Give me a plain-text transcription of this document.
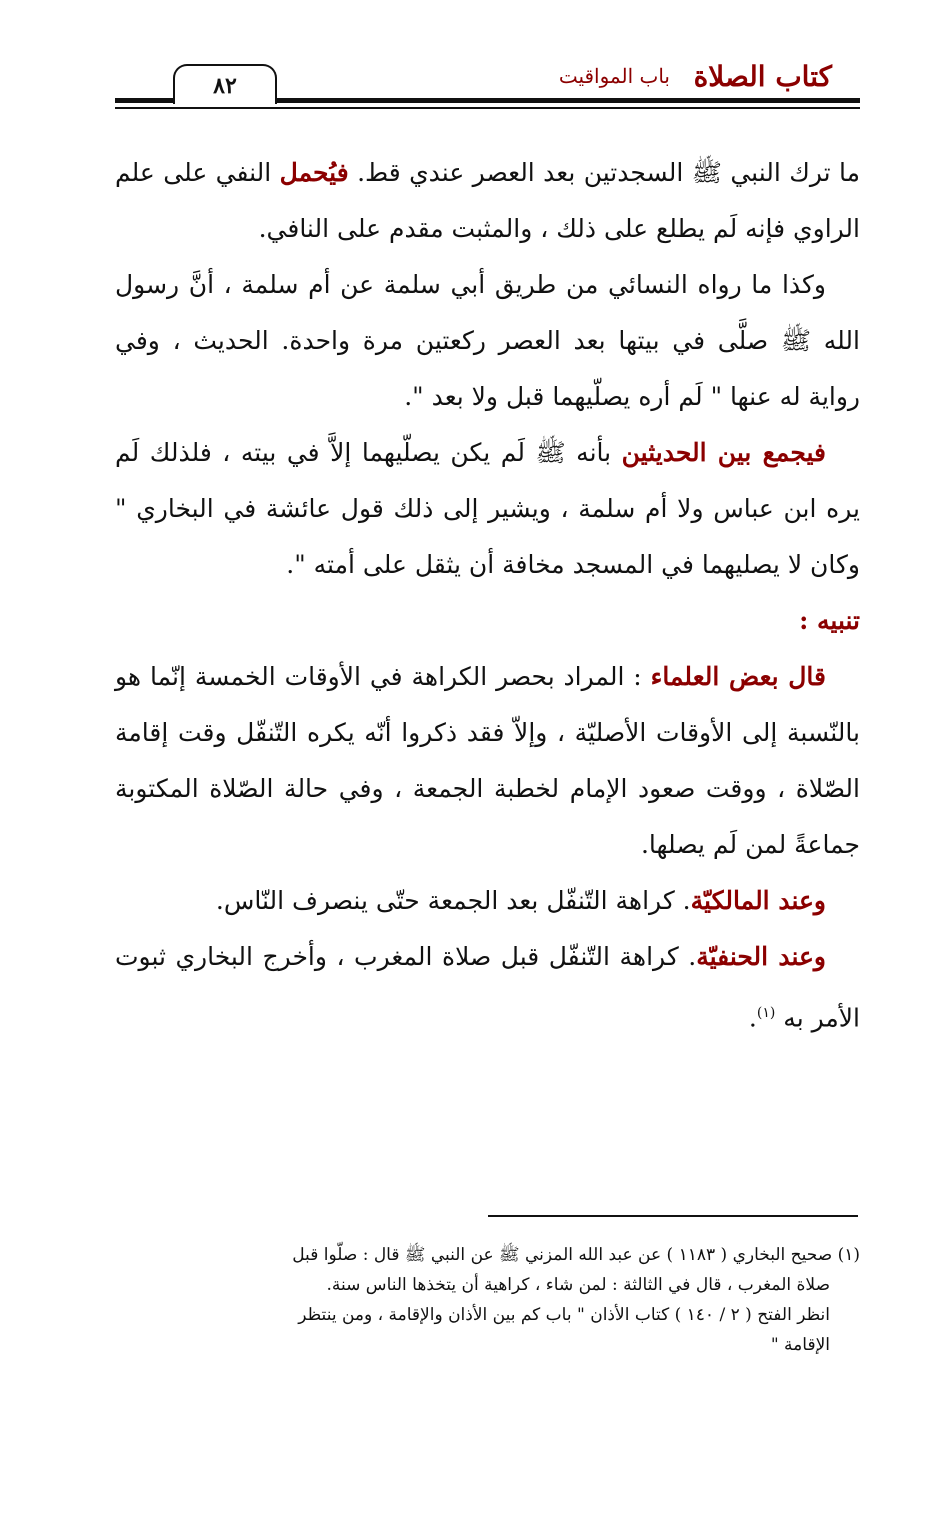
كتاب الصلاة
باب المواقيت
٨٢

ما ترك النبي ﷺ السجدتين بعد العصر عندي قط. فيُحمل النفي على علم الراوي فإنه لَم يطلع على ذلك ، والمثبت مقدم على النافي.

وكذا ما رواه النسائي من طريق أبي سلمة عن أم سلمة ، أنَّ رسول الله ﷺ صلَّى في بيتها بعد العصر ركعتين مرة واحدة. الحديث ، وفي رواية له عنها " لَم أره يصلّيهما قبل ولا بعد ".

فيجمع بين الحديثين بأنه ﷺ لَم يكن يصلّيهما إلاَّ في بيته ، فلذلك لَم يره ابن عباس ولا أم سلمة ، ويشير إلى ذلك قول عائشة في البخاري " وكان لا يصليهما في المسجد مخافة أن يثقل على أمته ".

تنبيه :

قال بعض العلماء : المراد بحصر الكراهة في الأوقات الخمسة إنّما هو بالنّسبة إلى الأوقات الأصليّة ، وإلاّ فقد ذكروا أنّه يكره التّنفّل وقت إقامة الصّلاة ، ووقت صعود الإمام لخطبة الجمعة ، وفي حالة الصّلاة المكتوبة جماعةً لمن لَم يصلها.

وعند المالكيّة. كراهة التّنفّل بعد الجمعة حتّى ينصرف النّاس.

وعند الحنفيّة. كراهة التّنفّل قبل صلاة المغرب ، وأخرج البخاري ثبوت الأمر به $^{(١)}$.

(١) صحيح البخاري ( ١١٨٣ ) عن عبد الله المزني ﷺ عن النبي ﷺ قال : صلّوا قبل

صلاة المغرب ، قال في الثالثة : لمن شاء ، كراهية أن يتخذها الناس سنة.

انظر الفتح ( ٢ / ١٤٠ ) كتاب الأذان " باب كم بين الأذان والإقامة ، ومن ينتظر

الإقامة "
